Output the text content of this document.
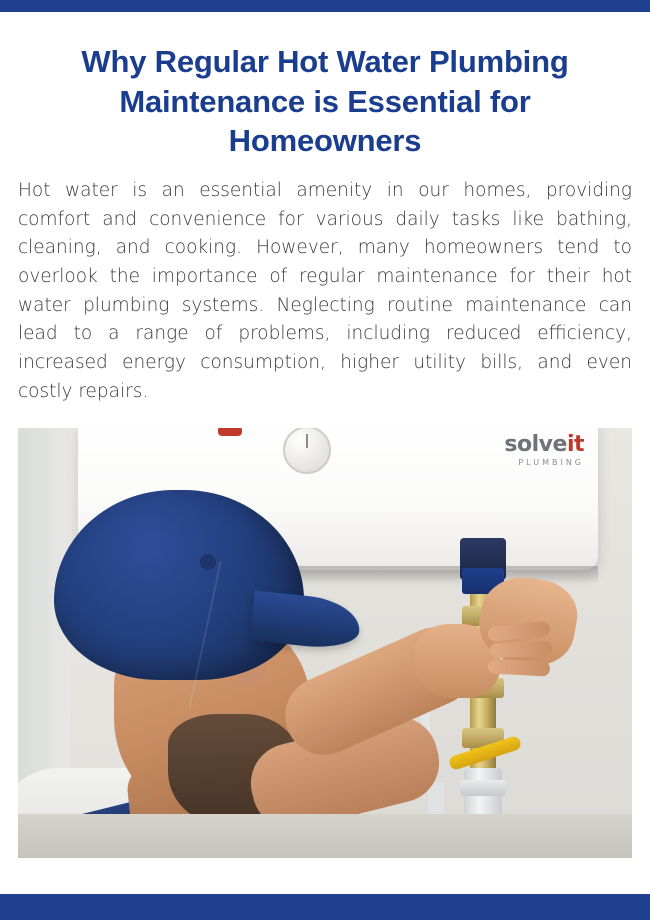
Why Regular Hot Water Plumbing Maintenance is Essential for Homeowners

Hot water is an essential amenity in our homes, providing comfort and convenience for various daily tasks like bathing, cleaning, and cooking. However, many homeowners tend to overlook the importance of regular maintenance for their hot water plumbing systems. Neglecting routine maintenance can lead to a range of problems, including reduced efficiency, increased energy consumption, higher utility bills, and even costly repairs.

solveit
PLUMBING
